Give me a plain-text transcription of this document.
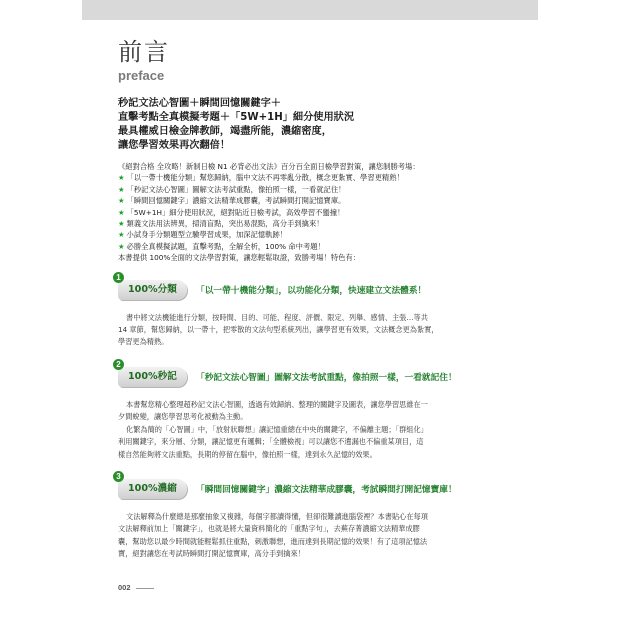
前言
preface
秒記文法心智圖＋瞬間回憶關鍵字＋
直擊考點全真模擬考題＋「5W+1H」細分使用狀況
最具權威日檢金牌教師，竭盡所能，濃縮密度，
讓您學習效果再次翻倍！
《絕對合格 全攻略！新制日檢 N1 必背必出文法》百分百全面日檢學習對策，讓您制勝考場：
★ 「以一帶十機能分類」幫您歸納，腦中文法不再零亂分散，概念更紮實、學習更精熟！
★ 「秒記文法心智圖」圖解文法考試重點，像拍照一樣，一看就記住！
★ 「瞬間回憶關鍵字」濃縮文法精華成膠囊，考試瞬間打開記憶寶庫。
★ 「5W+1H」細分使用狀況，絕對貼近日檢考試，高效學習不蠻撞！
★ 類義文法用法辨異，掃清盲點，突出易混點，高分手到擒來！
★ 小試身手分類題型立驗學習成果，加深記憶軌跡！
★ 必勝全真模擬試題，直擊考點，全解全析，100% 命中考題！
本書提供 100%全面的文法學習對策，讓您輕鬆取證，致勝考場！特色有：
100%分類
1
「以一帶十機能分類」，以功能化分類，快速建立文法體系！
書中將文法機能進行分類，按時間、目的、可能、程度、評價、限定、列舉、感情、主張…等共
14 章節，幫您歸納，以一帶十，把零散的文法句型系統列出，讓學習更有效果，文法概念更為紮實，
學習更為精熟。
100%秒記
2
「秒記文法心智圖」圖解文法考試重點，像拍照一樣，一看就記住！
本書幫您精心整理超秒記文法心智圖，透過有效歸納、整理的關鍵字及圖表，讓您學習思維在一
夕間蛻變，讓您學習思考化被動為主動。
化繁為簡的「心智圖」中，「放射狀聯想」讓記憶重總在中央的關鍵字，不偏離主題；「群組化」
利用關鍵字，來分層、分類，讓記憶更有邏輯；「全體檢視」可以讓您不遺漏也不偏重某項目，這
樣自然能夠將文法重點，長期的停留在腦中，像拍照一樣，達到永久記憶的效果。
100%濃縮
3
「瞬間回憶關鍵字」濃縮文法精華成膠囊，考試瞬間打開記憶寶庫！
文法解釋為什麼總是那麼抽象又複雜，每個字都讀得懂，但卻很難讀進腦袋裡？本書貼心在每項
文法解釋前加上「關鍵字」，也就是將大量資料簡化的「重點字句」，去蕪存菁濃縮文法精華成膠
囊，幫助您以最少時間就能輕鬆抓住重點，刺激聯想，進而達到長期記憶的效果！有了這項記憶法
寶，絕對讓您在考試時瞬間打開記憶寶庫，高分手到擒來！
002
